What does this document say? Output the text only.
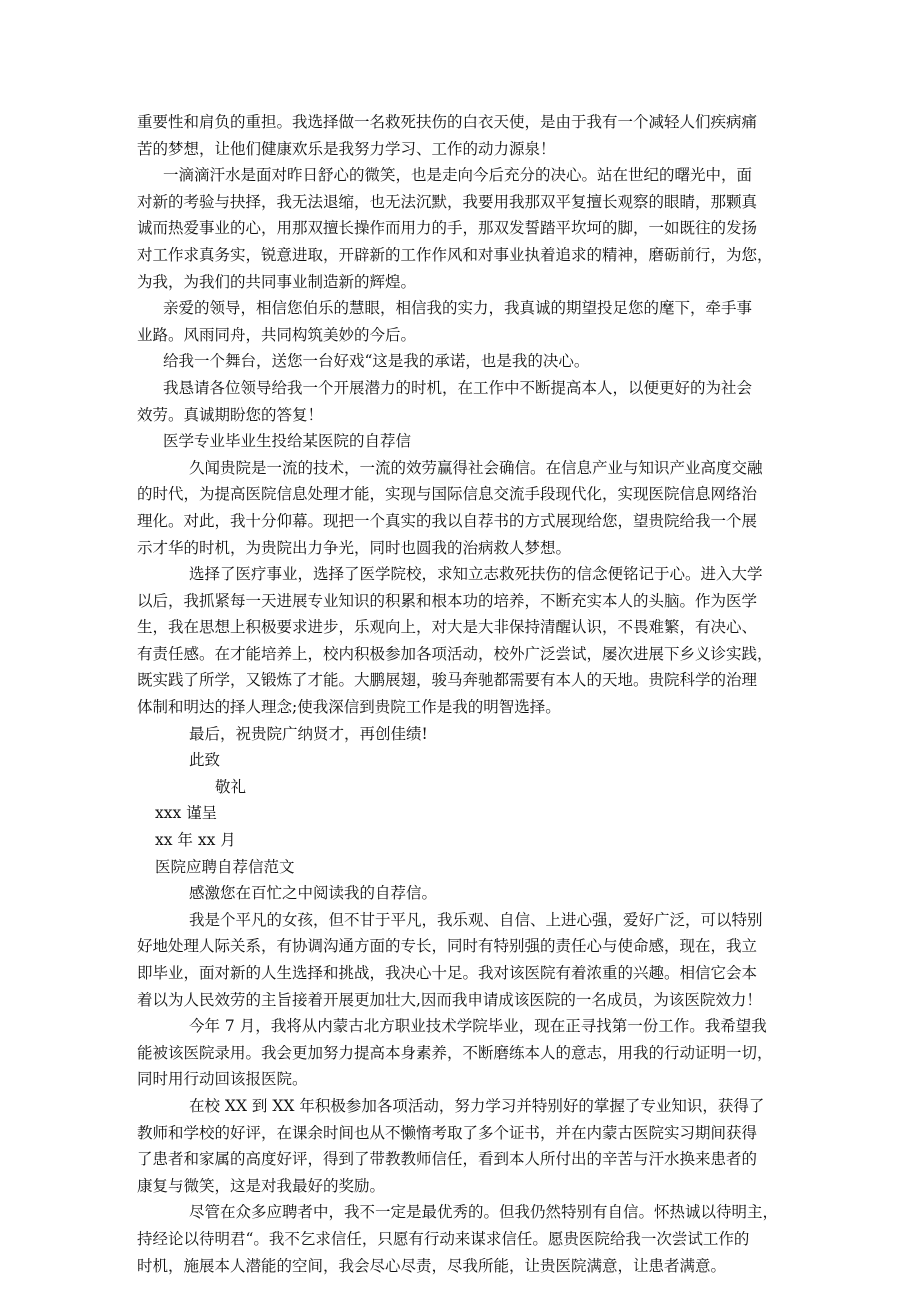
重要性和肩负的重担。我选择做一名救死扶伤的白衣天使，是由于我有一个减轻人们疾病痛

苦的梦想，让他们健康欢乐是我努力学习、工作的动力源泉！

一滴滴汗水是面对昨日舒心的微笑，也是走向今后充分的决心。站在世纪的曙光中，面

对新的考验与抉择，我无法退缩，也无法沉默，我要用我那双平复擅长观察的眼睛，那颗真

诚而热爱事业的心，用那双擅长操作而用力的手，那双发誓踏平坎坷的脚，一如既往的发扬

对工作求真务实，锐意进取，开辟新的工作作风和对事业执着追求的精神，磨砺前行，为您，

为我，为我们的共同事业制造新的辉煌。

亲爱的领导，相信您伯乐的慧眼，相信我的实力，我真诚的期望投足您的麾下，牵手事

业路。风雨同舟，共同构筑美妙的今后。

给我一个舞台，送您一台好戏“这是我的承诺，也是我的决心。

我恳请各位领导给我一个开展潜力的时机，在工作中不断提高本人，以便更好的为社会

效劳。真诚期盼您的答复！

医学专业毕业生投给某医院的自荐信

久闻贵院是一流的技术，一流的效劳赢得社会确信。在信息产业与知识产业高度交融

的时代，为提高医院信息处理才能，实现与国际信息交流手段现代化，实现医院信息网络治

理化。对此，我十分仰幕。现把一个真实的我以自荐书的方式展现给您，望贵院给我一个展

示才华的时机，为贵院出力争光，同时也圆我的治病救人梦想。

选择了医疗事业，选择了医学院校，求知立志救死扶伤的信念便铭记于心。进入大学

以后，我抓紧每一天进展专业知识的积累和根本功的培养，不断充实本人的头脑。作为医学

生，我在思想上积极要求进步，乐观向上，对大是大非保持清醒认识，不畏难繁，有决心、

有责任感。在才能培养上，校内积极参加各项活动，校外广泛尝试，屡次进展下乡义诊实践，

既实践了所学，又锻炼了才能。大鹏展翅，骏马奔驰都需要有本人的天地。贵院科学的治理

体制和明达的择人理念;使我深信到贵院工作是我的明智选择。

最后，祝贵院广纳贤才，再创佳绩!

此致

敬礼

xxx 谨呈

xx 年 xx 月

医院应聘自荐信范文

感激您在百忙之中阅读我的自荐信。

我是个平凡的女孩，但不甘于平凡，我乐观、自信、上进心强，爱好广泛，可以特别

好地处理人际关系，有协调沟通方面的专长，同时有特别强的责任心与使命感，现在，我立

即毕业，面对新的人生选择和挑战，我决心十足。我对该医院有着浓重的兴趣。相信它会本

着以为人民效劳的主旨接着开展更加壮大,因而我申请成该医院的一名成员，为该医院效力！

今年 7 月，我将从内蒙古北方职业技术学院毕业，现在正寻找第一份工作。我希望我

能被该医院录用。我会更加努力提高本身素养，不断磨练本人的意志，用我的行动证明一切，

同时用行动回该报医院。

在校 XX 到 XX 年积极参加各项活动，努力学习并特别好的掌握了专业知识，获得了

教师和学校的好评，在课余时间也从不懒惰考取了多个证书，并在内蒙古医院实习期间获得

了患者和家属的高度好评，得到了带教教师信任，看到本人所付出的辛苦与汗水换来患者的

康复与微笑，这是对我最好的奖励。

尽管在众多应聘者中，我不一定是最优秀的。但我仍然特别有自信。怀热诚以待明主，

持经论以待明君“。我不乞求信任，只愿有行动来谋求信任。愿贵医院给我一次尝试工作的

时机，施展本人潜能的空间，我会尽心尽责，尽我所能，让贵医院满意，让患者满意。
